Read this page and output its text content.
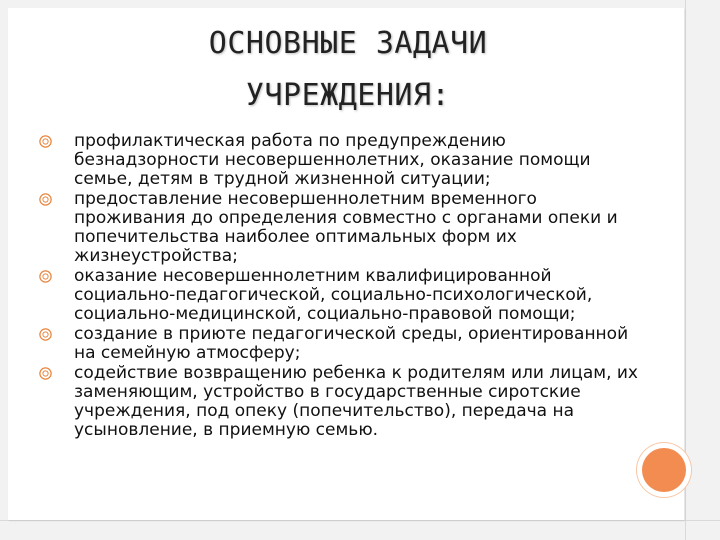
ОСНОВНЫЕ ЗАДАЧИ
УЧРЕЖДЕНИЯ:
профилактическая работа по предупреждению безнадзорности несовершеннолетних, оказание помощи семье, детям в трудной жизненной ситуации;
предоставление несовершеннолетним временного проживания до определения совместно с органами опеки и попечительства наиболее оптимальных форм их жизнеустройства;
оказание несовершеннолетним квалифицированной социально-педагогической, социально-психологической, социально-медицинской, социально-правовой помощи;
создание в приюте педагогической среды, ориентированной на семейную атмосферу;
содействие возвращению ребенка к родителям или лицам, их заменяющим, устройство в государственные сиротские учреждения, под опеку (попечительство), передача на усыновление, в приемную семью.
